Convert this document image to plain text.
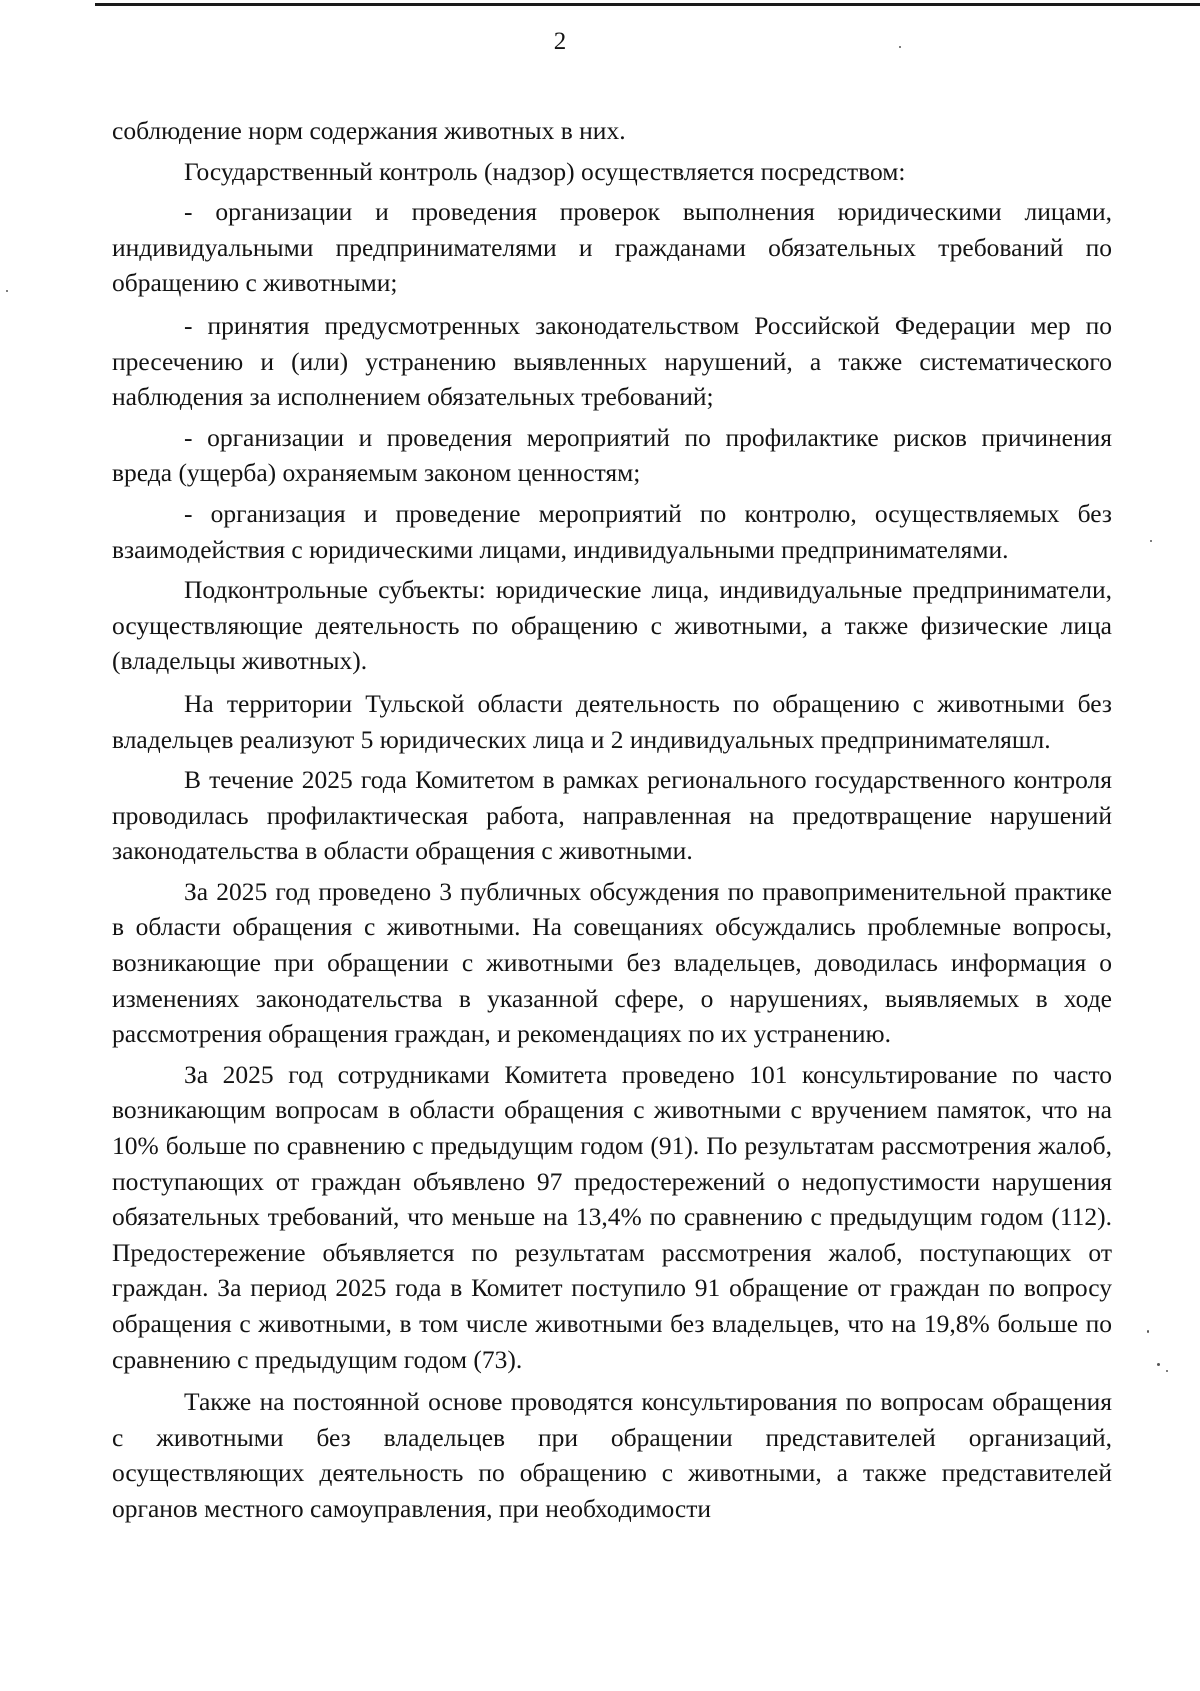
2

соблюдение норм содержания животных в них.

Государственный контроль (надзор) осуществляется посредством:

- организации и проведения проверок выполнения юридическими лицами, индивидуальными предпринимателями и гражданами обязательных требований по обращению с животными;

- принятия предусмотренных законодательством Российской Федерации мер по пресечению и (или) устранению выявленных нарушений, а также систематического наблюдения за исполнением обязательных требований;

- организации и проведения мероприятий по профилактике рисков причинения вреда (ущерба) охраняемым законом ценностям;

- организация и проведение мероприятий по контролю, осуществляемых без взаимодействия с юридическими лицами, индивидуальными предпринимателями.

Подконтрольные субъекты: юридические лица, индивидуальные предприниматели, осуществляющие деятельность по обращению с животными, а также физические лица (владельцы животных).

На территории Тульской области деятельность по обращению с животными без владельцев реализуют 5 юридических лица и 2 индивидуальных предпринимателяшл.

В течение 2025 года Комитетом в рамках регионального государственного контроля проводилась профилактическая работа, направленная на предотвращение нарушений законодательства в области обращения с животными.

За 2025 год проведено 3 публичных обсуждения по правоприменительной практике в области обращения с животными. На совещаниях обсуждались проблемные вопросы, возникающие при обращении с животными без владельцев, доводилась информация о изменениях законодательства в указанной сфере, о нарушениях, выявляемых в ходе рассмотрения обращения граждан, и рекомендациях по их устранению.

За 2025 год сотрудниками Комитета проведено 101 консультирование по часто возникающим вопросам в области обращения с животными с вручением памяток, что на 10% больше по сравнению с предыдущим годом (91). По результатам рассмотрения жалоб, поступающих от граждан объявлено 97 предостережений о недопустимости нарушения обязательных требований, что меньше на 13,4% по сравнению с предыдущим годом (112). Предостережение объявляется по результатам рассмотрения жалоб, поступающих от граждан. За период 2025 года в Комитет поступило 91 обращение от граждан по вопросу обращения с животными, в том числе животными без владельцев, что на 19,8% больше по сравнению с предыдущим годом (73).

Также на постоянной основе проводятся консультирования по вопросам обращения с животными без владельцев при обращении представителей организаций, осуществляющих деятельность по обращению с животными, а также представителей органов местного самоуправления, при необходимости
